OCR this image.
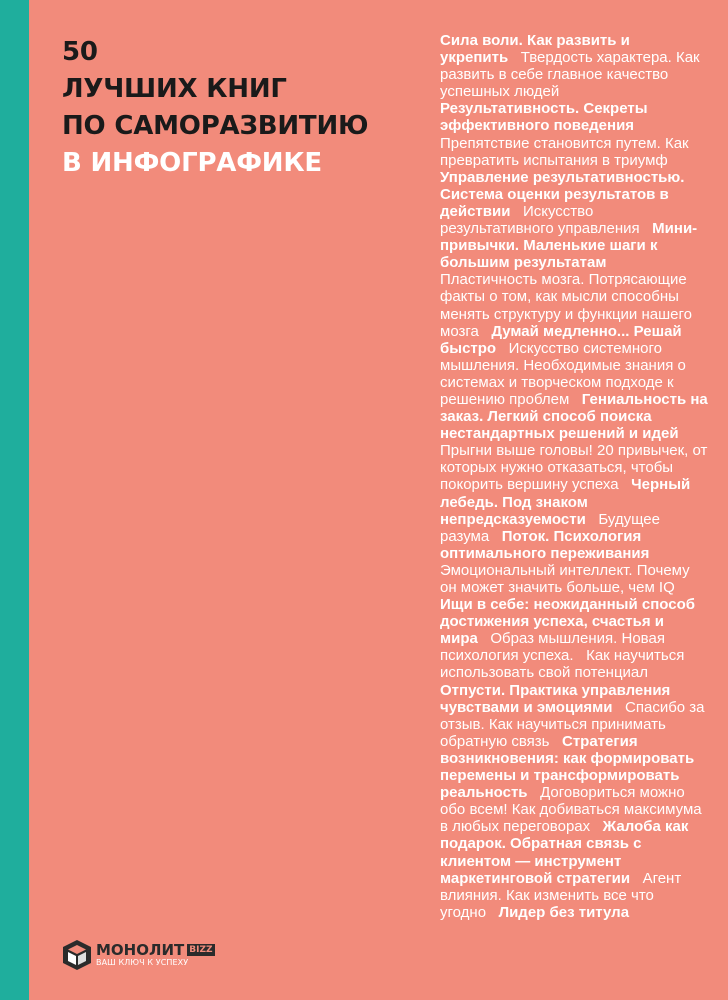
50
ЛУЧШИХ КНИГ
ПО САМОРАЗВИТИЮ
В ИНФОГРАФИКЕ
Сила воли. Как развить и укрепить Твердость характера. Как развить в себе главное качество успешных людей Результативность. Секреты эффективного поведения Препятствие становится путем. Как превратить испытания в триумф Управление результативностью. Система оценки результатов в действии Искусство результативного управления Мини-привычки. Маленькие шаги к большим результатам Пластичность мозга. Потрясающие факты о том, как мысли способны менять структуру и функции нашего мозга Думай медленно... Решай быстро Искусство системного мышления. Необходимые знания о системах и творческом подходе к решению проблем Гениальность на заказ. Легкий способ поиска нестандартных решений и идей Прыгни выше головы! 20 привычек, от которых нужно отказаться, чтобы покорить вершину успеха Черный лебедь. Под знаком непредсказуемости Будущее разума Поток. Психология оптимального переживания Эмоциональный интеллект. Почему он может значить больше, чем IQ Ищи в себе: неожиданный способ достижения успеха, счастья и мира Образ мышления. Новая психология успеха. Как научиться использовать свой потенциал Отпусти. Практика управления чувствами и эмоциями Спасибо за отзыв. Как научиться принимать обратную связь Стратегия возникновения: как формировать перемены и трансформировать реальность Договориться можно обо всем! Как добиваться максимума в любых переговорах Жалоба как подарок. Обратная связь с клиентом — инструмент маркетинговой стратегии Агент влияния. Как изменить все что угодно Лидер без титула
МОНОЛИТ BIZZ
ВАШ КЛЮЧ К УСПЕХУ
